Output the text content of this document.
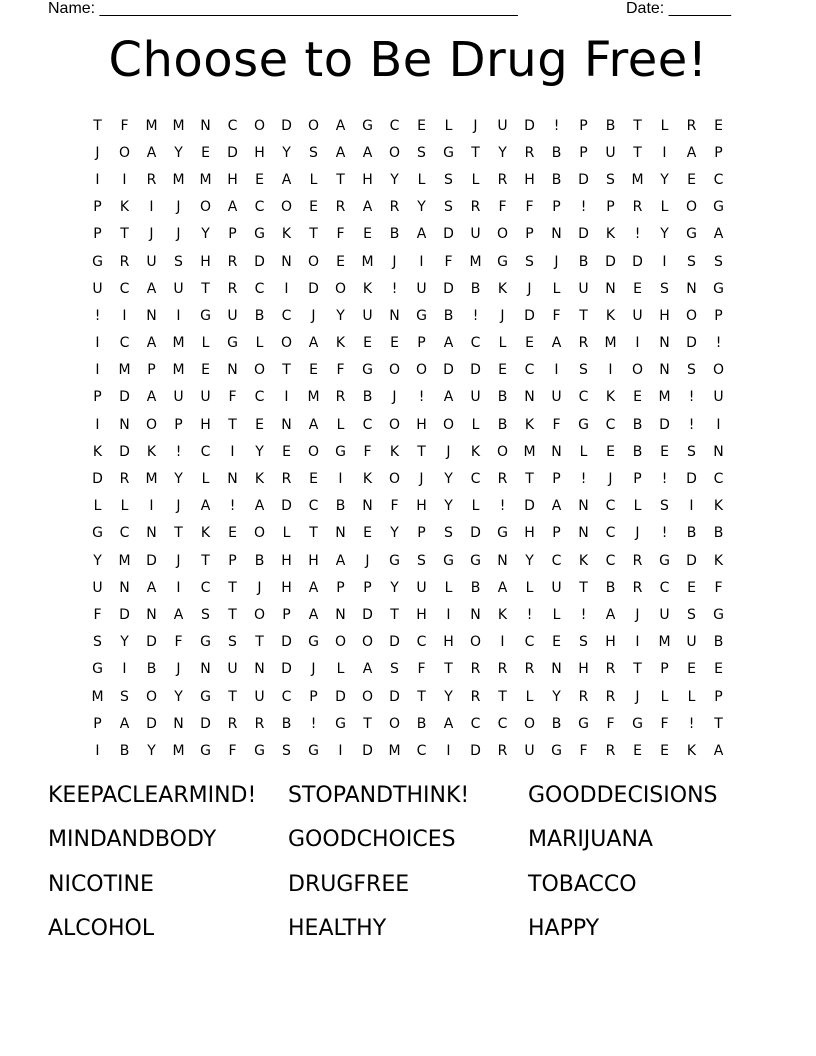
Name: _______________________________________________	Date: _______
Choose to Be Drug Free!
T	F	M	M	N	C	O	D	O	A	G	C	E	L	J	U	D	!	P	B	T	L	R	E
J	O	A	Y	E	D	H	Y	S	A	A	O	S	G	T	Y	R	B	P	U	T	I	A	P
I	I	R	M	M	H	E	A	L	T	H	Y	L	S	L	R	H	B	D	S	M	Y	E	C
P	K	I	J	O	A	C	O	E	R	A	R	Y	S	R	F	F	P	!	P	R	L	O	G
P	T	J	J	Y	P	G	K	T	F	E	B	A	D	U	O	P	N	D	K	!	Y	G	A
G	R	U	S	H	R	D	N	O	E	M	J	I	F	M	G	S	J	B	D	D	I	S	S
U	C	A	U	T	R	C	I	D	O	K	!	U	D	B	K	J	L	U	N	E	S	N	G
!	I	N	I	G	U	B	C	J	Y	U	N	G	B	!	J	D	F	T	K	U	H	O	P
I	C	A	M	L	G	L	O	A	K	E	E	P	A	C	L	E	A	R	M	I	N	D	!
I	M	P	M	E	N	O	T	E	F	G	O	O	D	D	E	C	I	S	I	O	N	S	O
P	D	A	U	U	F	C	I	M	R	B	J	!	A	U	B	N	U	C	K	E	M	!	U
I	N	O	P	H	T	E	N	A	L	C	O	H	O	L	B	K	F	G	C	B	D	!	I
K	D	K	!	C	I	Y	E	O	G	F	K	T	J	K	O	M	N	L	E	B	E	S	N
D	R	M	Y	L	N	K	R	E	I	K	O	J	Y	C	R	T	P	!	J	P	!	D	C
L	L	I	J	A	!	A	D	C	B	N	F	H	Y	L	!	D	A	N	C	L	S	I	K
G	C	N	T	K	E	O	L	T	N	E	Y	P	S	D	G	H	P	N	C	J	!	B	B
Y	M	D	J	T	P	B	H	H	A	J	G	S	G	G	N	Y	C	K	C	R	G	D	K
U	N	A	I	C	T	J	H	A	P	P	Y	U	L	B	A	L	U	T	B	R	C	E	F
F	D	N	A	S	T	O	P	A	N	D	T	H	I	N	K	!	L	!	A	J	U	S	G
S	Y	D	F	G	S	T	D	G	O	O	D	C	H	O	I	C	E	S	H	I	M	U	B
G	I	B	J	N	U	N	D	J	L	A	S	F	T	R	R	R	N	H	R	T	P	E	E
M	S	O	Y	G	T	U	C	P	D	O	D	T	Y	R	T	L	Y	R	R	J	L	L	P
P	A	D	N	D	R	R	B	!	G	T	O	B	A	C	C	O	B	G	F	G	F	!	T
I	B	Y	M	G	F	G	S	G	I	D	M	C	I	D	R	U	G	F	R	E	E	K	A
KEEPACLEARMIND!	STOPANDTHINK!	GOODDECISIONS
MINDANDBODY	GOODCHOICES	MARIJUANA
NICOTINE	DRUGFREE	TOBACCO
ALCOHOL	HEALTHY	HAPPY
